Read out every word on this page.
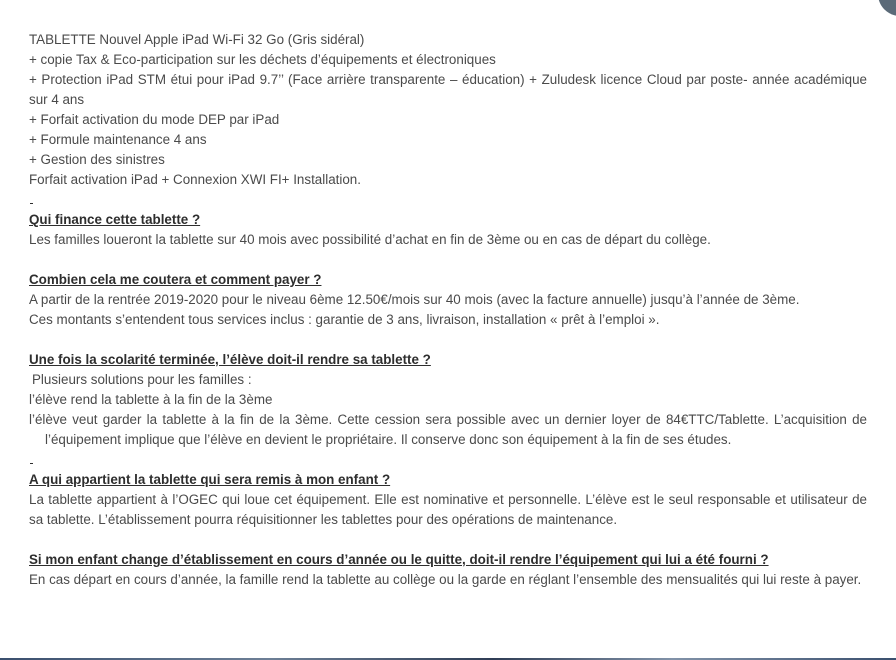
TABLETTE Nouvel Apple iPad Wi-Fi 32 Go (Gris sidéral)

+ copie Tax & Eco-participation sur les déchets d’équipements et électroniques

+ Protection iPad STM étui pour iPad 9.7’’ (Face arrière transparente – éducation) + Zuludesk licence Cloud par poste- année académique sur 4 ans

+ Forfait activation du mode DEP par iPad

+ Formule maintenance 4 ans

+ Gestion des sinistres

Forfait activation iPad + Connexion XWI FI+ Installation.

Qui finance cette tablette ?

Les familles loueront la tablette sur 40 mois avec possibilité d’achat en fin de 3ème ou en cas de départ du collège.

Combien cela me coutera et comment payer ?

A partir de la rentrée 2019-2020 pour le niveau 6ème 12.50€/mois sur 40 mois (avec la facture annuelle) jusqu’à l’année de 3ème.

Ces montants s’entendent tous services inclus : garantie de 3 ans, livraison, installation « prêt à l’emploi ».

Une fois la scolarité terminée, l’élève doit-il rendre sa tablette ?

Plusieurs solutions pour les familles :

l’élève rend la tablette à la fin de la 3ème

l’élève veut garder la tablette à la fin de la 3ème. Cette cession sera possible avec un dernier loyer de 84€TTC/Tablette. L’acquisition de l’équipement implique que l’élève en devient le propriétaire. Il conserve donc son équipement à la fin de ses études.

A qui appartient la tablette qui sera remis à mon enfant ?

La tablette appartient à l’OGEC qui loue cet équipement. Elle est nominative et personnelle. L’élève est le seul responsable et utilisateur de sa tablette. L’établissement pourra réquisitionner les tablettes pour des opérations de maintenance.

Si mon enfant change d’établissement en cours d’année ou le quitte, doit-il rendre l’équipement qui lui a été fourni ?

En cas départ en cours d’année, la famille rend la tablette au collège ou la garde en réglant l’ensemble des mensualités qui lui reste à payer.
